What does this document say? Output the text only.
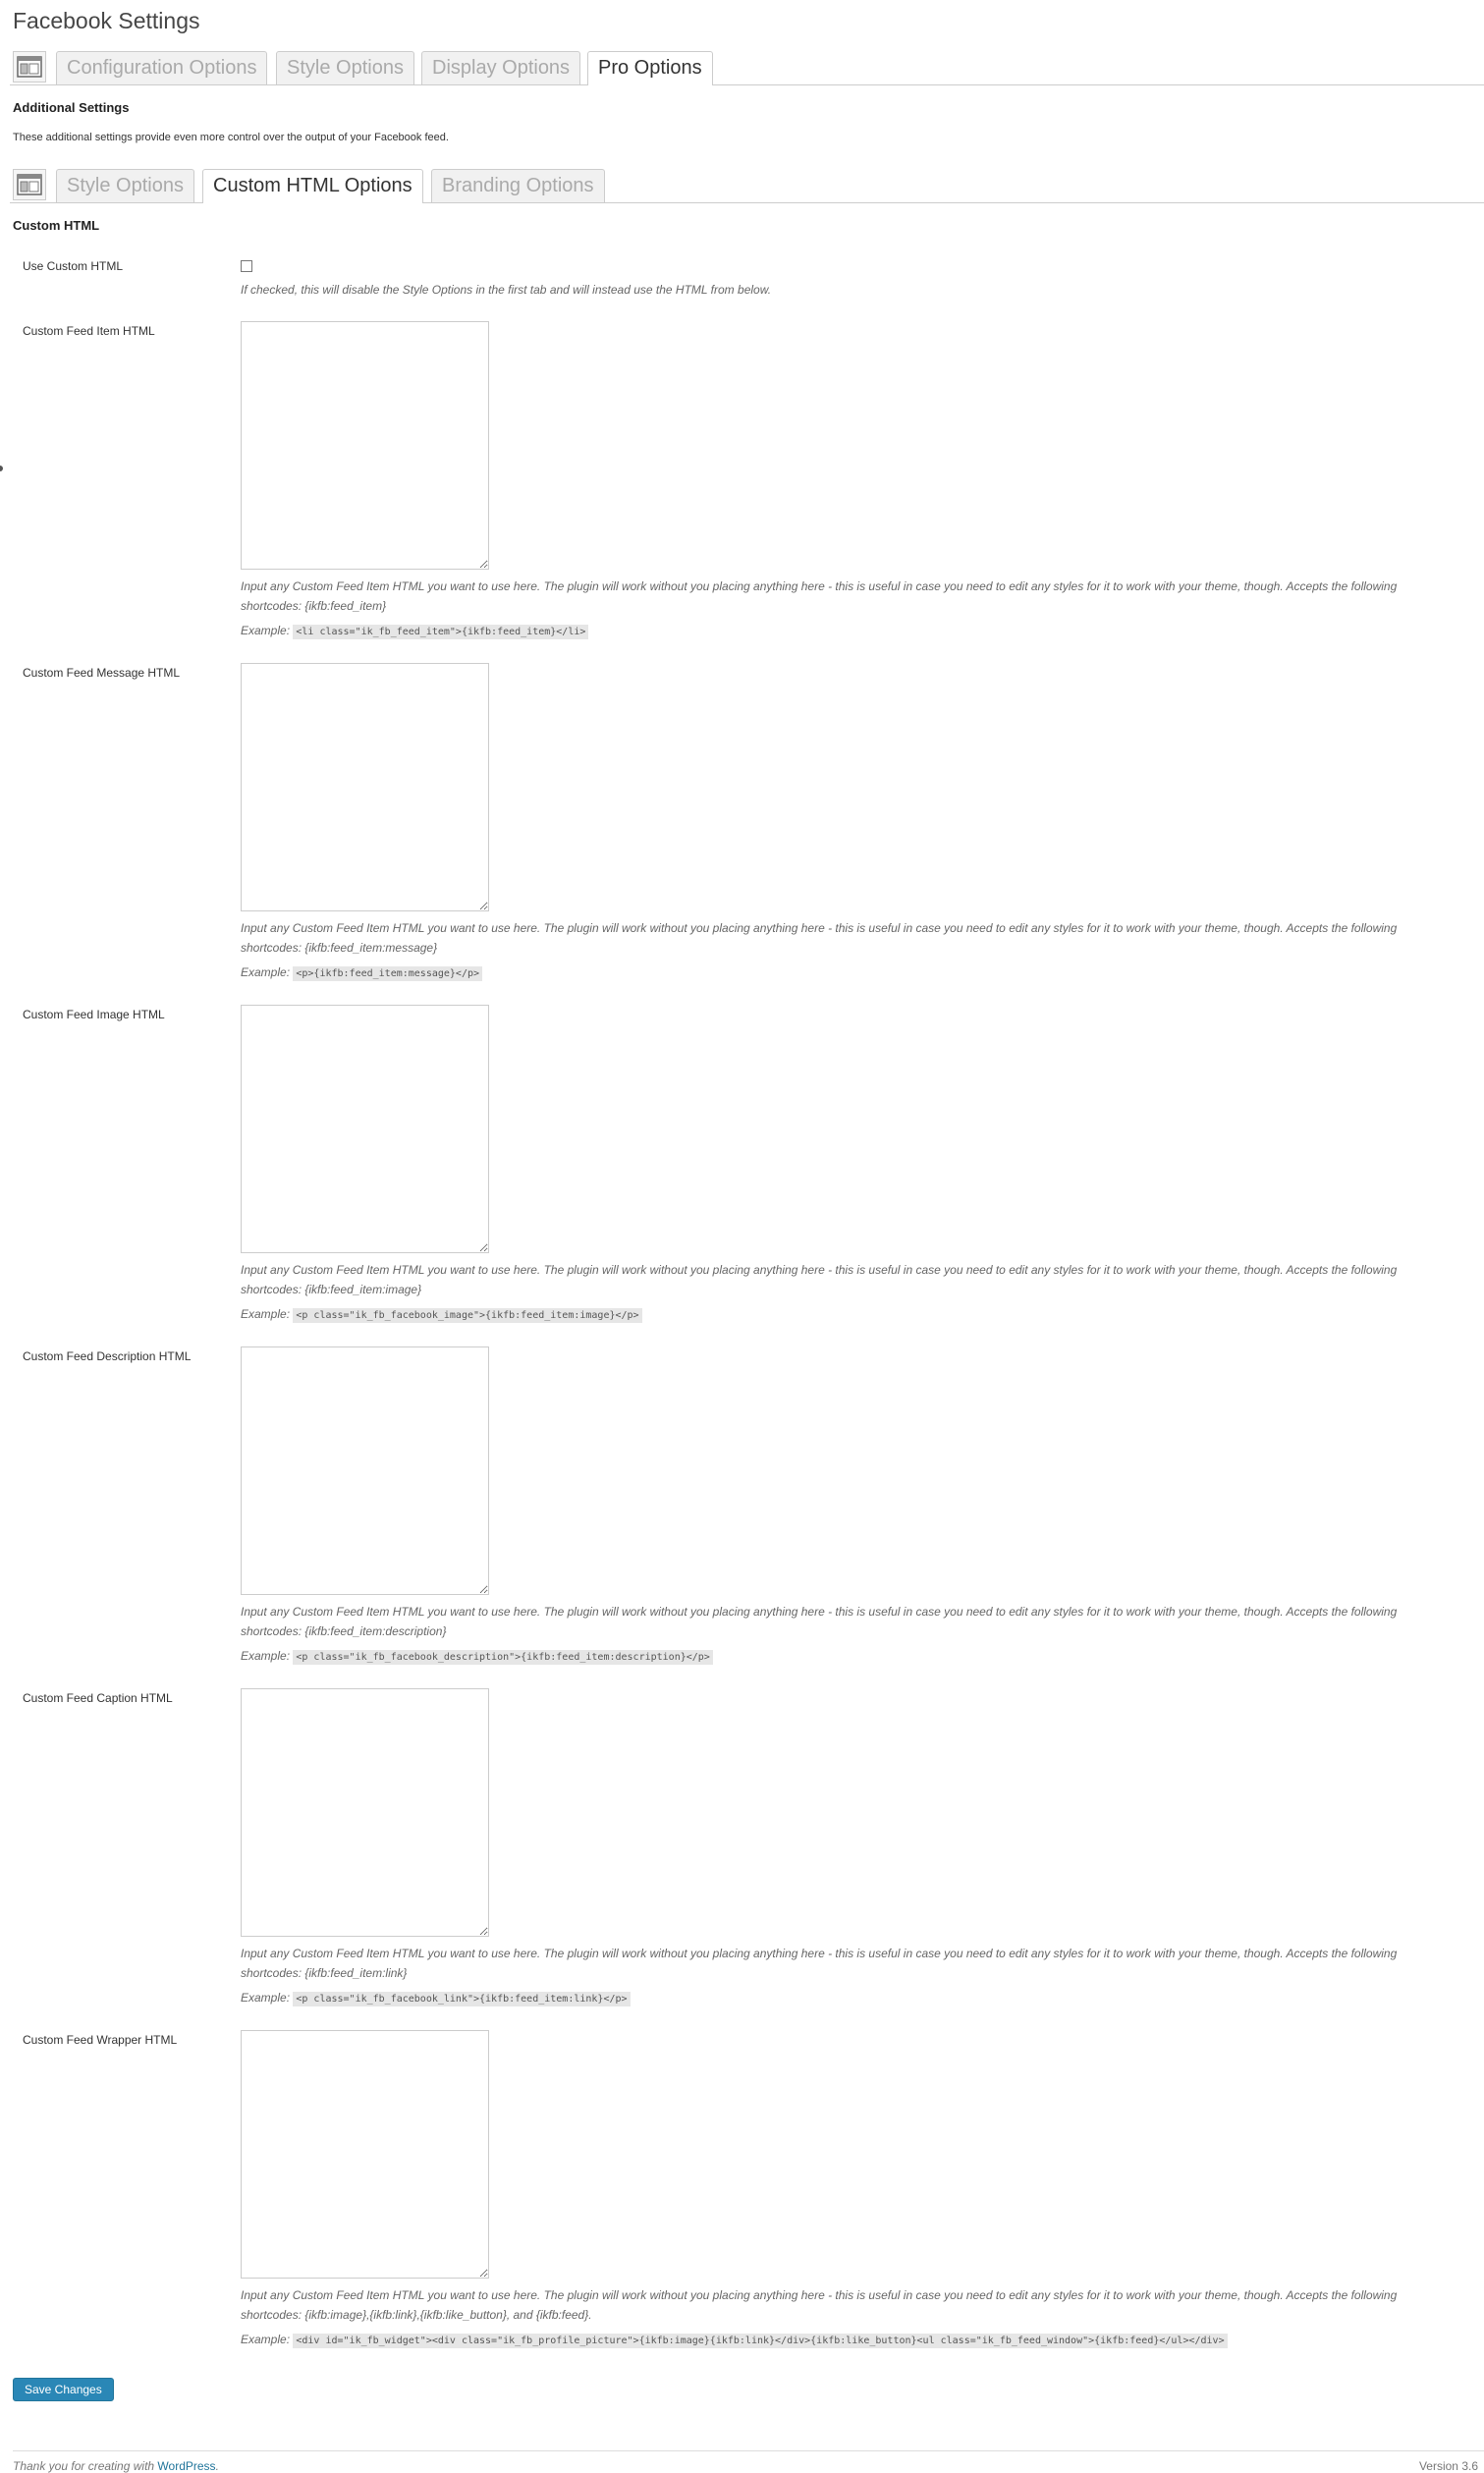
Facebook Settings
Configuration Options	Style Options	Display Options	Pro Options
Additional Settings

These additional settings provide even more control over the output of your Facebook feed.

Style Options	Custom HTML Options	Branding Options
Custom HTML
Use Custom HTML
If checked, this will disable the Style Options in the first tab and will instead use the HTML from below.
Custom Feed Item HTML
Input any Custom Feed Item HTML you want to use here. The plugin will work without you placing anything here - this is useful in case you need to edit any styles for it to work with your theme, though. Accepts the following shortcodes: {ikfb:feed_item}
Example: <li class="ik_fb_feed_item">{ikfb:feed_item}</li>
Custom Feed Message HTML
Input any Custom Feed Item HTML you want to use here. The plugin will work without you placing anything here - this is useful in case you need to edit any styles for it to work with your theme, though. Accepts the following shortcodes: {ikfb:feed_item:message}
Example: <p>{ikfb:feed_item:message}</p>
Custom Feed Image HTML
Input any Custom Feed Item HTML you want to use here. The plugin will work without you placing anything here - this is useful in case you need to edit any styles for it to work with your theme, though. Accepts the following shortcodes: {ikfb:feed_item:image}
Example: <p class="ik_fb_facebook_image">{ikfb:feed_item:image}</p>
Custom Feed Description HTML
Input any Custom Feed Item HTML you want to use here. The plugin will work without you placing anything here - this is useful in case you need to edit any styles for it to work with your theme, though. Accepts the following shortcodes: {ikfb:feed_item:description}
Example: <p class="ik_fb_facebook_description">{ikfb:feed_item:description}</p>
Custom Feed Caption HTML
Input any Custom Feed Item HTML you want to use here. The plugin will work without you placing anything here - this is useful in case you need to edit any styles for it to work with your theme, though. Accepts the following shortcodes: {ikfb:feed_item:link}
Example: <p class="ik_fb_facebook_link">{ikfb:feed_item:link}</p>
Custom Feed Wrapper HTML
Input any Custom Feed Item HTML you want to use here. The plugin will work without you placing anything here - this is useful in case you need to edit any styles for it to work with your theme, though. Accepts the following shortcodes: {ikfb:image},{ikfb:link},{ikfb:like_button}, and {ikfb:feed}.
Example: <div id="ik_fb_widget"><div class="ik_fb_profile_picture">{ikfb:image}{ikfb:link}</div>{ikfb:like_button}<ul class="ik_fb_feed_window">{ikfb:feed}</ul></div>
Save Changes
Thank you for creating with WordPress.	Version 3.6
